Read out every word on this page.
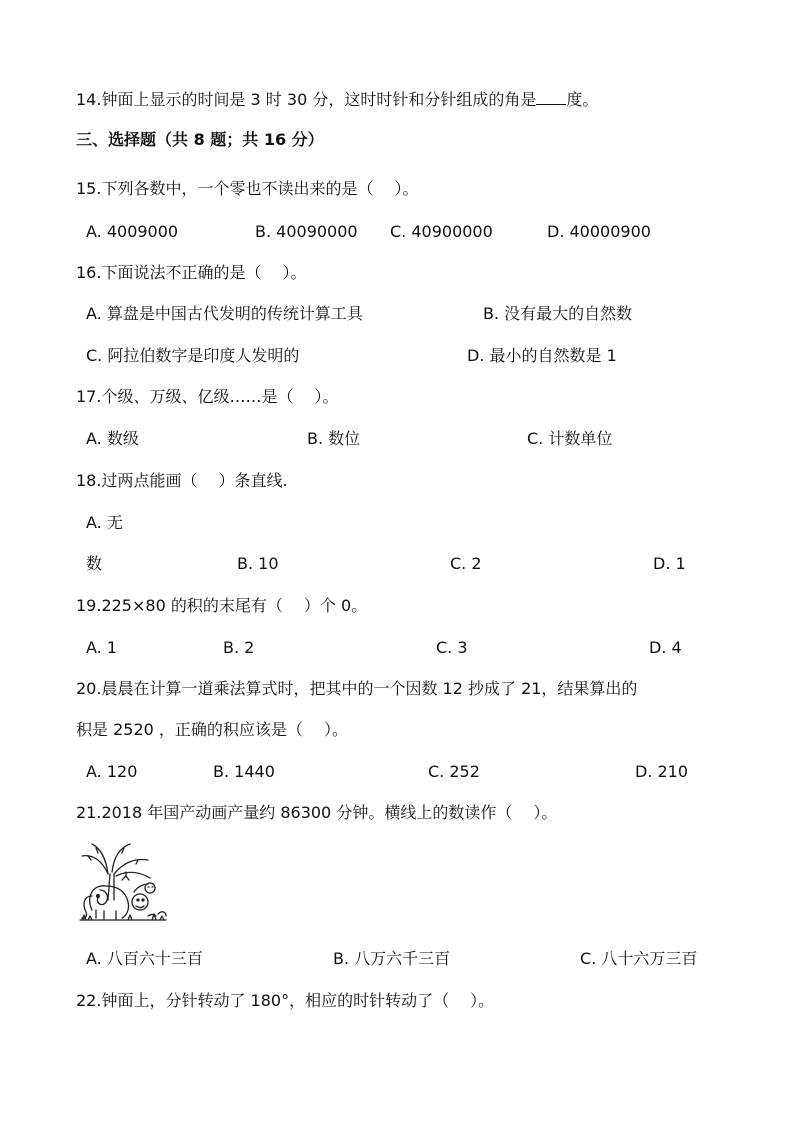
14.钟面上显示的时间是 3 时 30 分，这时时针和分针组成的角是 度。
三、选择题（共 8 题；共 16 分）
15.下列各数中，一个零也不读出来的是（　 ）。
A. 4009000	B. 40090000 C. 40900000	D. 40000900
16.下面说法不正确的是（　 ）。
A. 算盘是中国古代发明的传统计算工具	B. 没有最大的自然数
C. 阿拉伯数字是印度人发明的	D. 最小的自然数是 1
17.个级、万级、亿级……是（　 ）。
A. 数级	B. 数位	C. 计数单位
18.过两点能画（　 ）条直线.
A. 无
数	B. 10	C. 2	D. 1
19.225×80 的积的末尾有（　 ）个 0。
A. 1	B. 2	C. 3	D. 4
20.晨晨在计算一道乘法算式时，把其中的一个因数 12 抄成了 21，结果算出的
积是 2520 ，正确的积应该是（　 ）。
A. 120	B. 1440	C. 252	D. 210
21.2018 年国产动画产量约 86300 分钟。横线上的数读作（　 ）。
A. 八百六十三百	B. 八万六千三百	C. 八十六万三百
22.钟面上，分针转动了 180°，相应的时针转动了（　 ）。
